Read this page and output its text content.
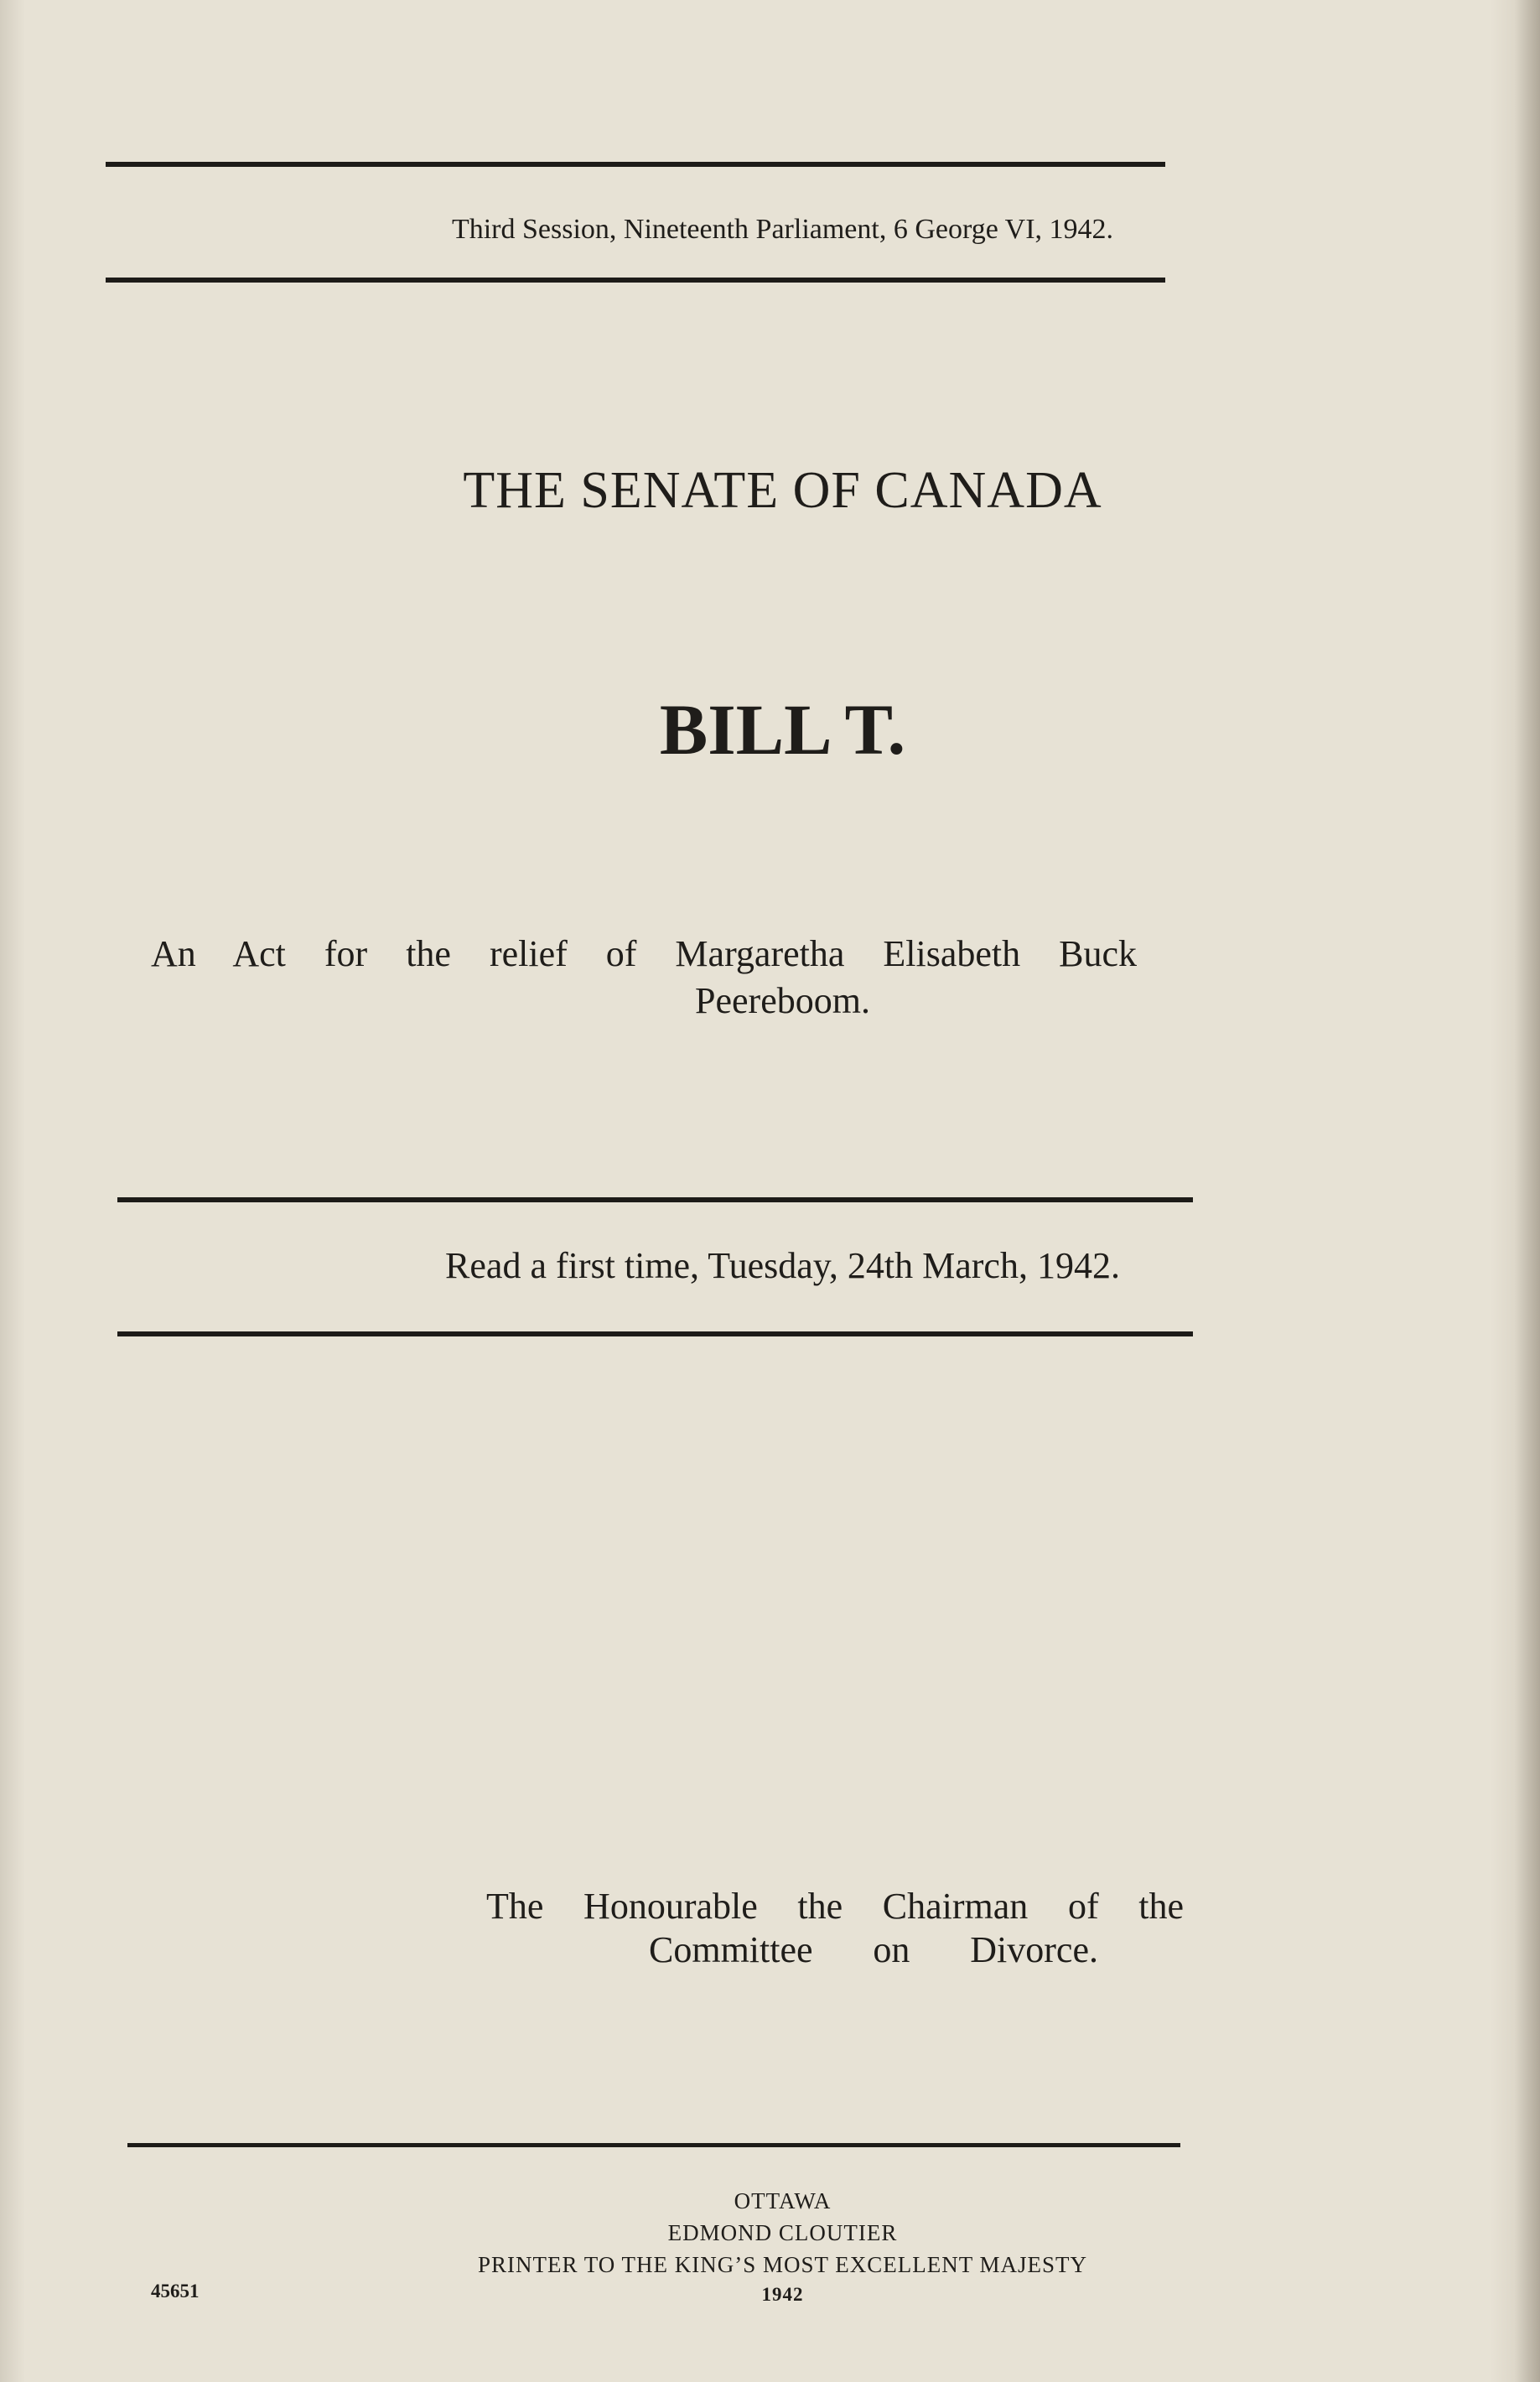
Third Session, Nineteenth Parliament, 6 George VI, 1942.
THE SENATE OF CANADA
BILL T.
An Act for the relief of Margaretha Elisabeth Buck
Peereboom.
Read a first time, Tuesday, 24th March, 1942.
The Honourable the Chairman of the
Committee on Divorce.
OTTAWA
EDMOND CLOUTIER
PRINTER TO THE KING’S MOST EXCELLENT MAJESTY
1942
45651
